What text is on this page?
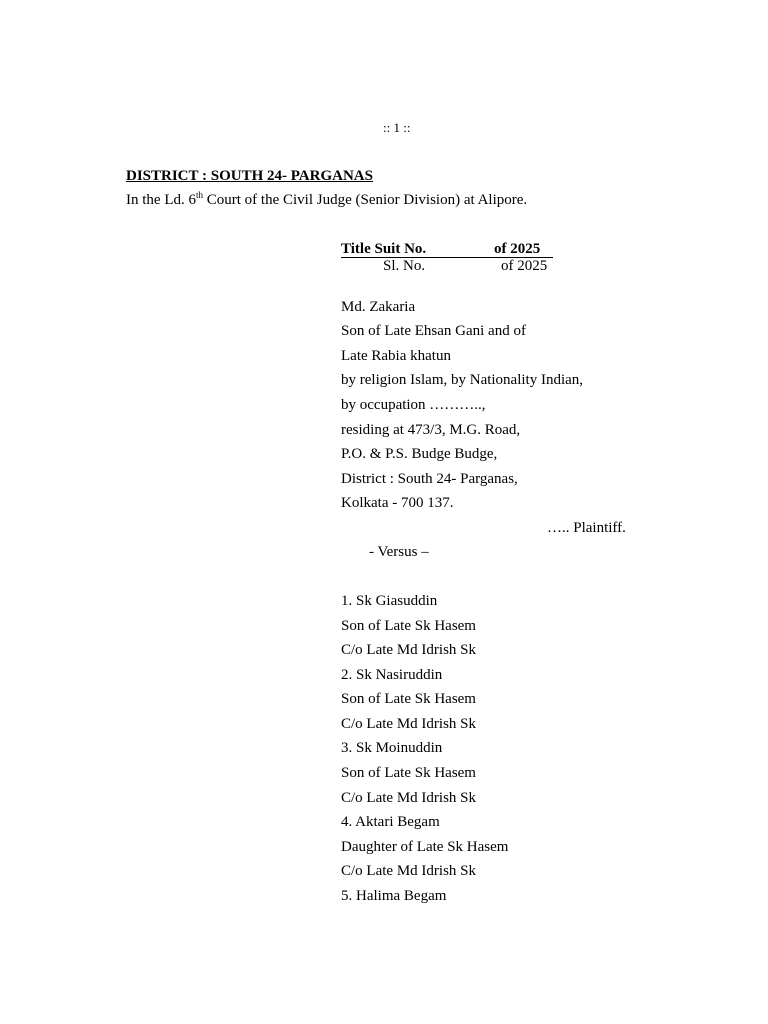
:: 1 ::
DISTRICT : SOUTH 24- PARGANAS
In the Ld. 6th Court of the Civil Judge (Senior Division) at Alipore.
Title Suit No.	of 2025
Sl. No.	of 2025
Md. Zakaria
Son of Late Ehsan Gani and of
Late Rabia khatun
by religion Islam, by Nationality Indian,
by occupation ………..,
residing at 473/3, M.G. Road,
P.O. & P.S. Budge Budge,
District : South 24- Parganas,
Kolkata - 700 137.
….. Plaintiff.
- Versus –
1. Sk Giasuddin
Son of Late Sk Hasem
C/o Late Md Idrish Sk
2. Sk Nasiruddin
Son of Late Sk Hasem
C/o Late Md Idrish Sk
3. Sk Moinuddin
Son of Late Sk Hasem
C/o Late Md Idrish Sk
4. Aktari Begam
Daughter of Late Sk Hasem
C/o Late Md Idrish Sk
5. Halima Begam
